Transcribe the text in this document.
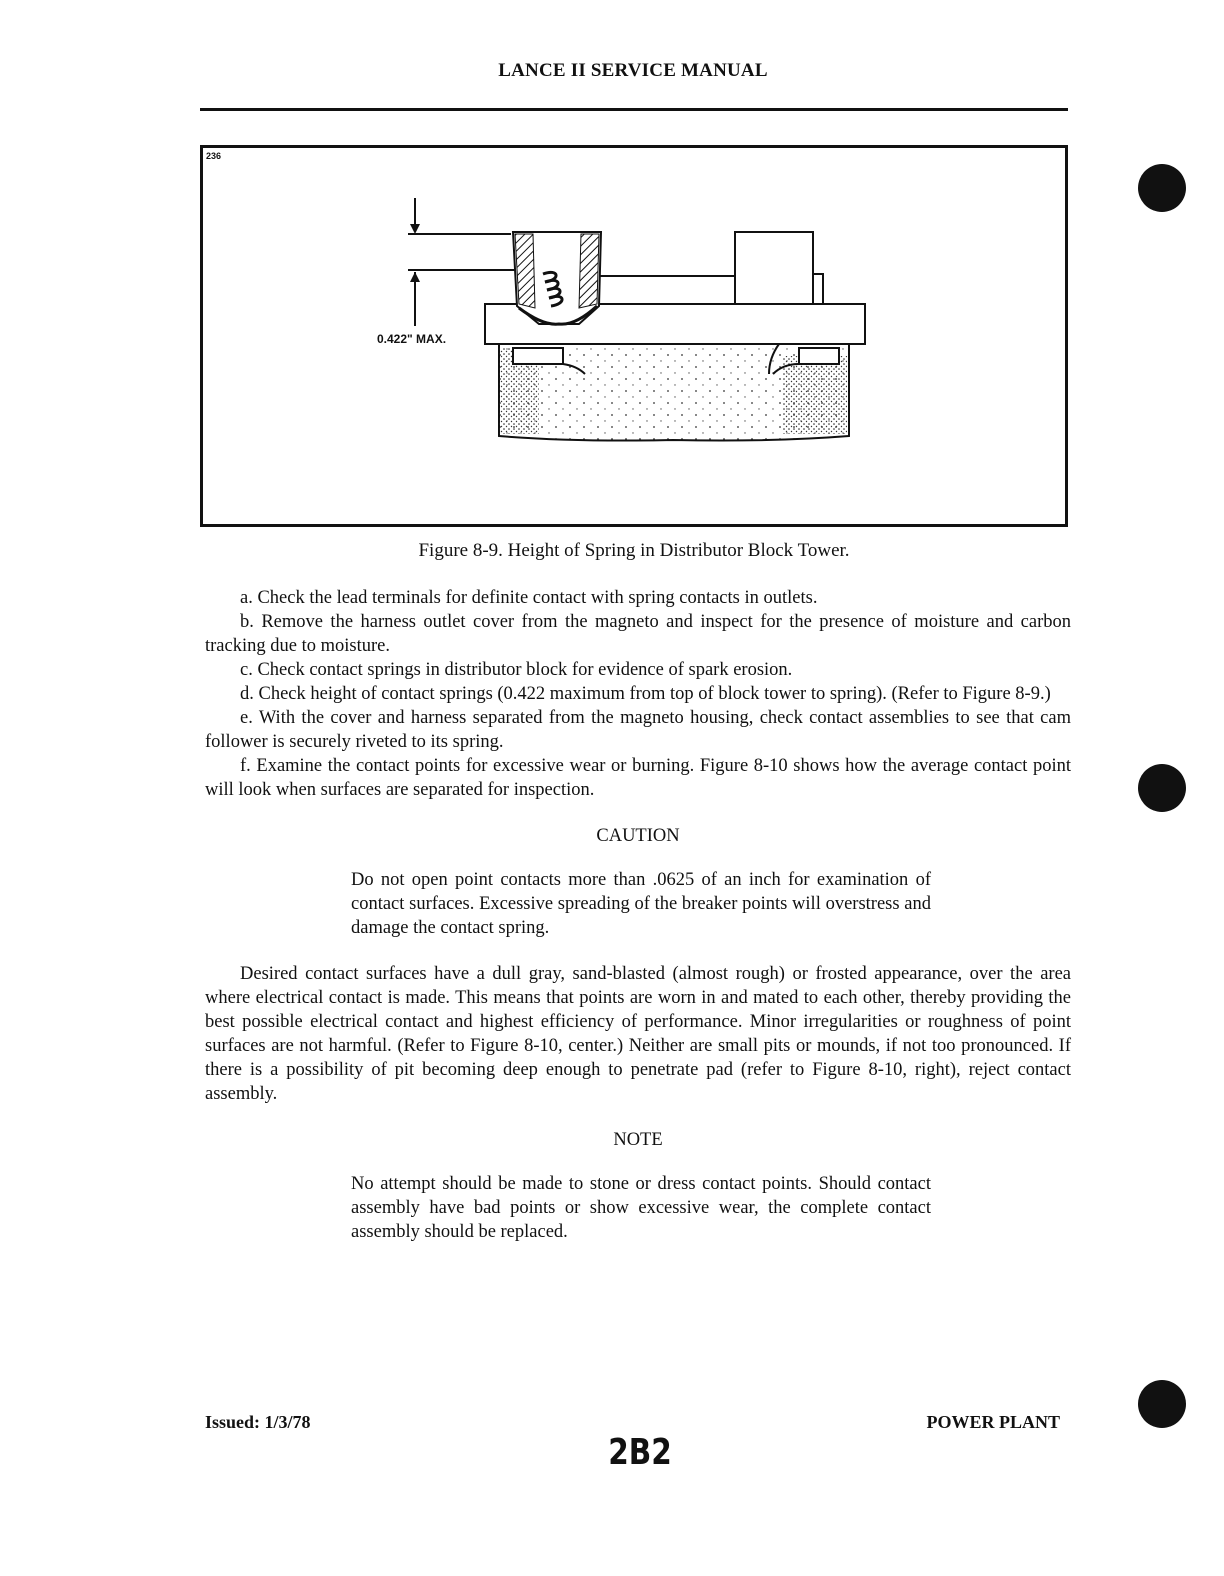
LANCE II SERVICE MANUAL
236
0.422" MAX.
Figure 8-9. Height of Spring in Distributor Block Tower.

a. Check the lead terminals for definite contact with spring contacts in outlets.

b. Remove the harness outlet cover from the magneto and inspect for the presence of moisture and carbon tracking due to moisture.

c. Check contact springs in distributor block for evidence of spark erosion.

d. Check height of contact springs (0.422 maximum from top of block tower to spring). (Refer to Figure 8-9.)

e. With the cover and harness separated from the magneto housing, check contact assemblies to see that cam follower is securely riveted to its spring.

f. Examine the contact points for excessive wear or burning. Figure 8-10 shows how the average contact point will look when surfaces are separated for inspection.

CAUTION

Do not open point contacts more than .0625 of an inch for examination of contact surfaces. Excessive spreading of the breaker points will overstress and damage the contact spring.

Desired contact surfaces have a dull gray, sand-blasted (almost rough) or frosted appearance, over the area where electrical contact is made. This means that points are worn in and mated to each other, thereby providing the best possible electrical contact and highest efficiency of performance. Minor irregularities or roughness of point surfaces are not harmful. (Refer to Figure 8-10, center.) Neither are small pits or mounds, if not too pronounced. If there is a possibility of pit becoming deep enough to penetrate pad (refer to Figure 8-10, right), reject contact assembly.

NOTE

No attempt should be made to stone or dress contact points. Should contact assembly have bad points or show excessive wear, the complete contact assembly should be replaced.

Issued: 1/3/78	POWER PLANT
2B2
